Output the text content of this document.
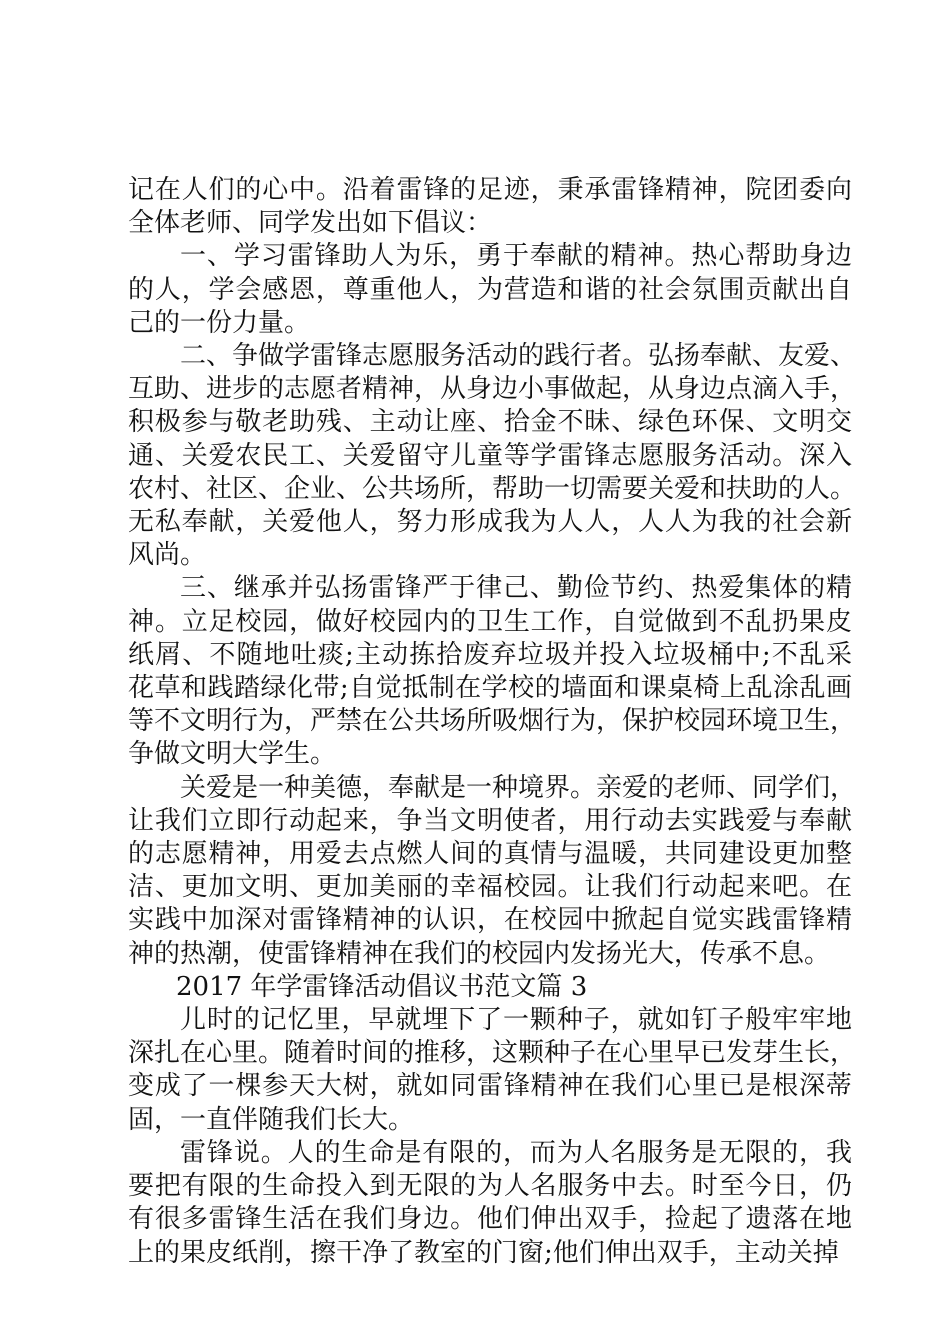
记在人们的心中。沿着雷锋的足迹，秉承雷锋精神，院团委向
全体老师、同学发出如下倡议：
一、学习雷锋助人为乐，勇于奉献的精神。热心帮助身边
的人，学会感恩，尊重他人，为营造和谐的社会氛围贡献出自
己的一份力量。
二、争做学雷锋志愿服务活动的践行者。弘扬奉献、友爱、
互助、进步的志愿者精神，从身边小事做起，从身边点滴入手，
积极参与敬老助残、主动让座、拾金不昧、绿色环保、文明交
通、关爱农民工、关爱留守儿童等学雷锋志愿服务活动。深入
农村、社区、企业、公共场所，帮助一切需要关爱和扶助的人。
无私奉献，关爱他人，努力形成我为人人，人人为我的社会新
风尚。
三、继承并弘扬雷锋严于律己、勤俭节约、热爱集体的精
神。立足校园，做好校园内的卫生工作，自觉做到不乱扔果皮
纸屑、不随地吐痰;主动拣拾废弃垃圾并投入垃圾桶中;不乱采
花草和践踏绿化带;自觉抵制在学校的墙面和课桌椅上乱涂乱画
等不文明行为，严禁在公共场所吸烟行为，保护校园环境卫生，
争做文明大学生。
关爱是一种美德，奉献是一种境界。亲爱的老师、同学们，
让我们立即行动起来，争当文明使者，用行动去实践爱与奉献
的志愿精神，用爱去点燃人间的真情与温暖，共同建设更加整
洁、更加文明、更加美丽的幸福校园。让我们行动起来吧。在
实践中加深对雷锋精神的认识，在校园中掀起自觉实践雷锋精
神的热潮，使雷锋精神在我们的校园内发扬光大，传承不息。
2017 年学雷锋活动倡议书范文篇 3
儿时的记忆里，早就埋下了一颗种子，就如钉子般牢牢地
深扎在心里。随着时间的推移，这颗种子在心里早已发芽生长，
变成了一棵参天大树，就如同雷锋精神在我们心里已是根深蒂
固，一直伴随我们长大。
雷锋说。人的生命是有限的，而为人名服务是无限的，我
要把有限的生命投入到无限的为人名服务中去。时至今日，仍
有很多雷锋生活在我们身边。他们伸出双手，捡起了遗落在地
上的果皮纸削，擦干净了教室的门窗;他们伸出双手，主动关掉
